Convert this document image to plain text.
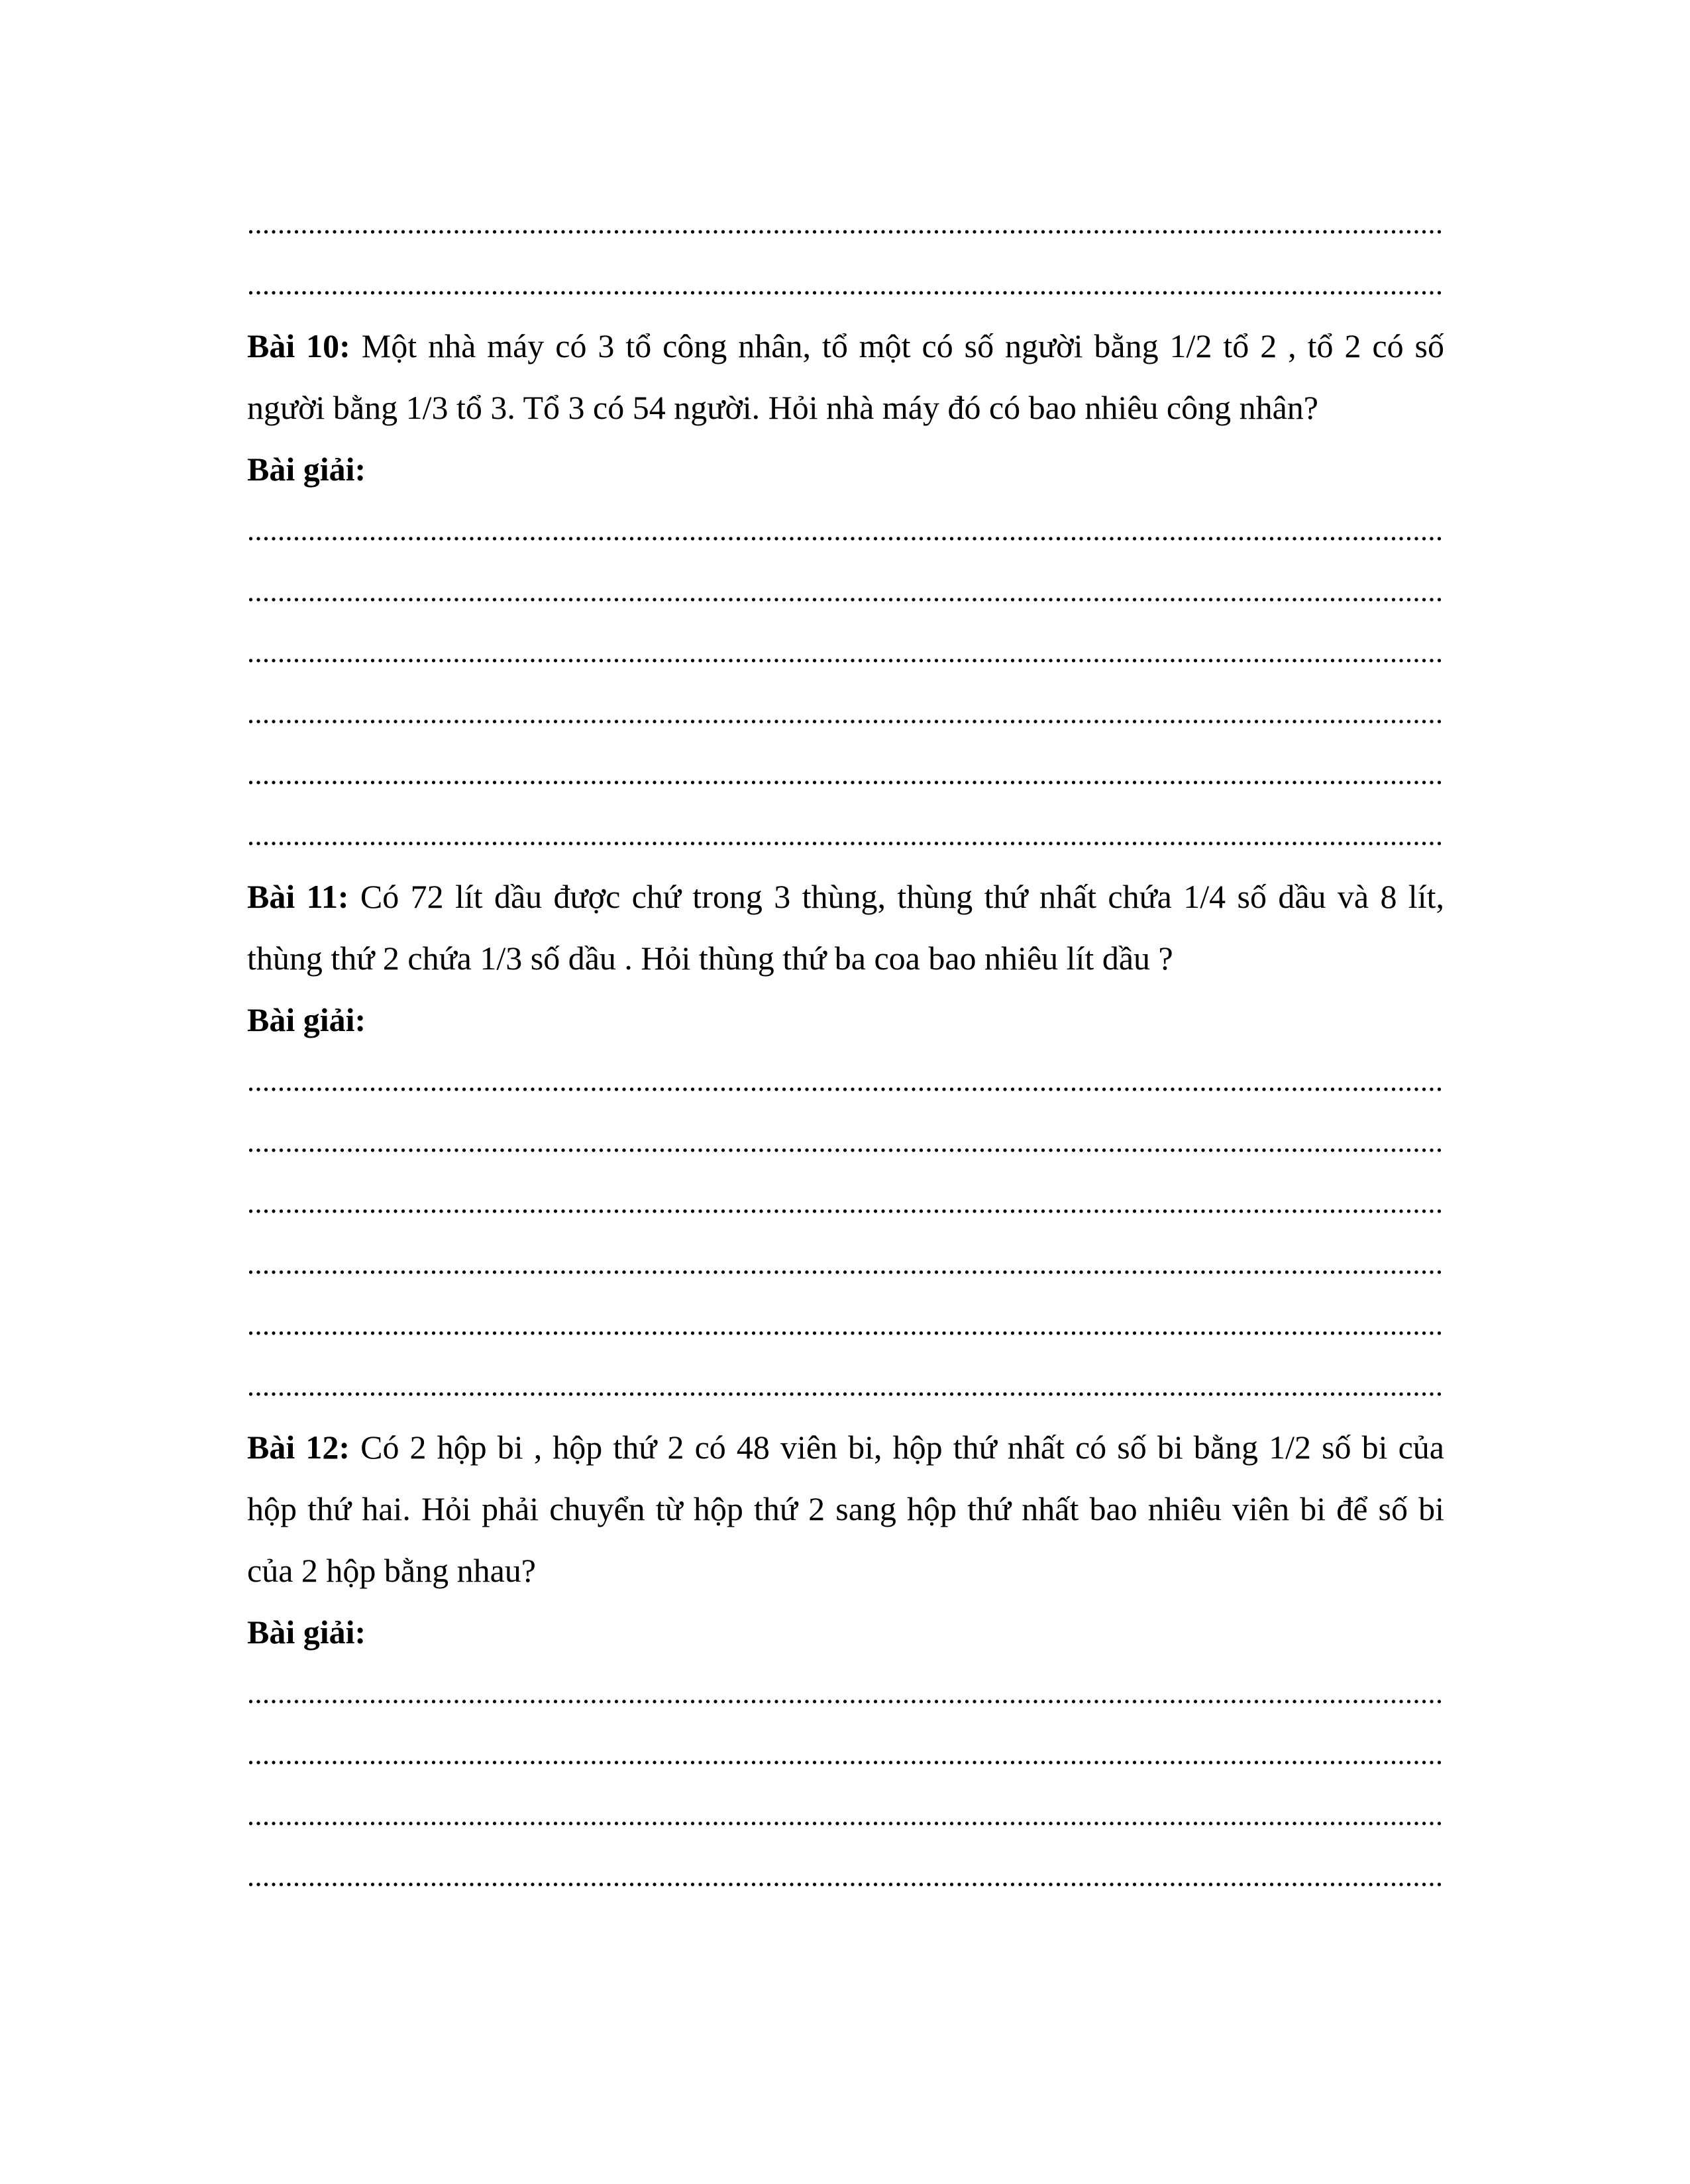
.....
.....

Bài 10: Một nhà máy có 3 tổ công nhân, tổ một có số người bằng 1/2 tổ 2 , tổ 2 có số người bằng 1/3 tổ 3. Tổ 3 có 54 người. Hỏi nhà máy đó có bao nhiêu công nhân?

Bài giải:

.....
.....
.....
.....
.....
.....

Bài 11: Có 72 lít dầu được chứ trong 3 thùng, thùng thứ nhất chứa 1/4 số dầu và 8 lít, thùng thứ 2 chứa 1/3 số dầu . Hỏi thùng thứ ba coa bao nhiêu lít dầu ?

Bài giải:

.....
.....
.....
.....
.....
.....

Bài 12: Có 2 hộp bi , hộp thứ 2 có 48 viên bi, hộp thứ nhất có số bi bằng 1/2 số bi của hộp thứ hai. Hỏi phải chuyển từ hộp thứ 2 sang hộp thứ nhất bao nhiêu viên bi để số bi của 2 hộp bằng nhau?

Bài giải:

.....
.....
.....
.....
